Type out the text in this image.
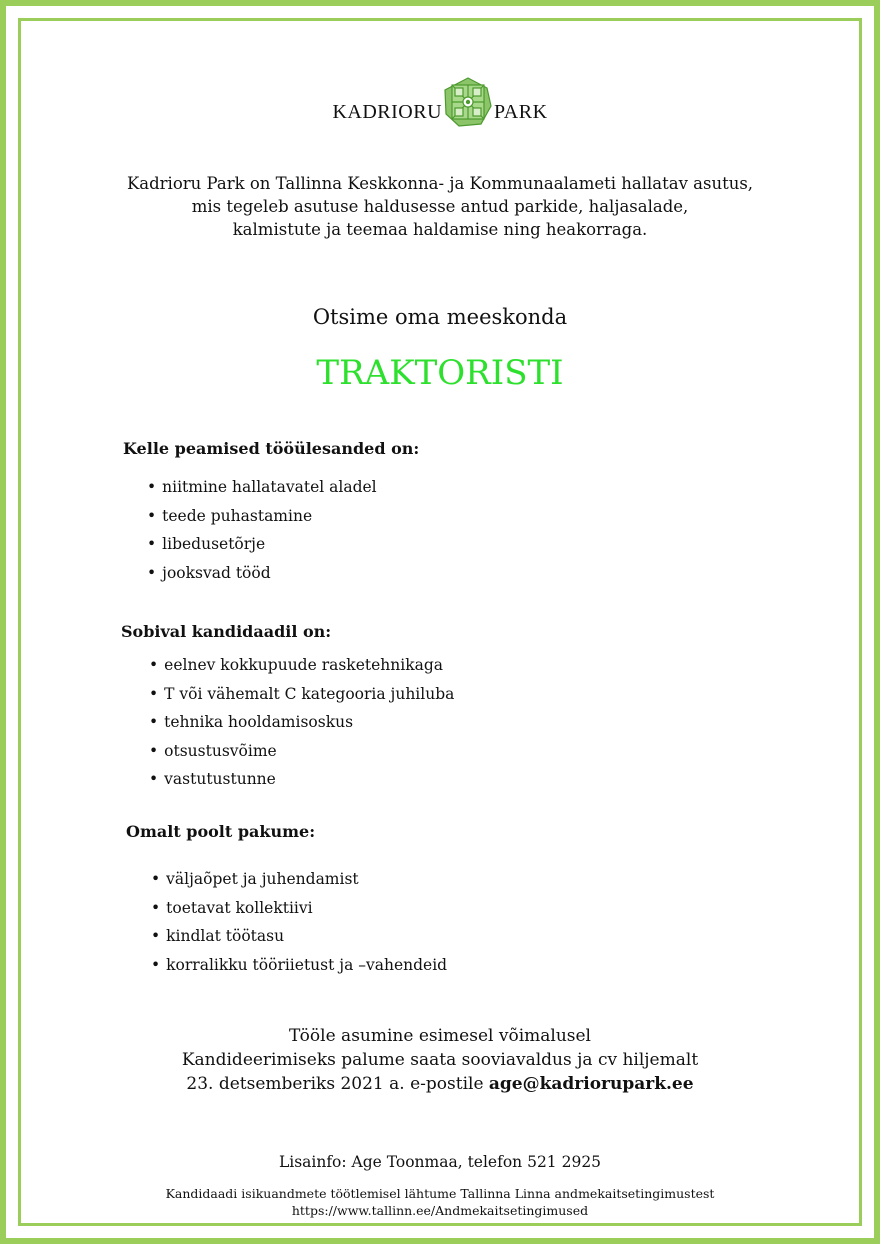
KADRIORU	PARK
Kadrioru Park on Tallinna Keskkonna- ja Kommunaalameti hallatav asutus,
mis tegeleb asutuse haldusesse antud parkide, haljasalade,
kalmistute ja teemaa haldamise ning heakorraga.
Otsime oma meeskonda
TRAKTORISTI
Kelle peamised tööülesanded on:
• niitmine hallatavatel aladel
• teede puhastamine
• libedusetõrje
• jooksvad tööd
Sobival kandidaadil on:
• eelnev kokkupuude rasketehnikaga
• T või vähemalt C kategooria juhiluba
• tehnika hooldamisoskus
• otsustusvõime
• vastutustunne
Omalt poolt pakume:
• väljaõpet ja juhendamist
• toetavat kollektiivi
• kindlat töötasu
• korralikku tööriietust ja –vahendeid
Tööle asumine esimesel võimalusel
Kandideerimiseks palume saata sooviavaldus ja cv hiljemalt
23. detsemberiks 2021 a. e-postile age@kadriorupark.ee
Lisainfo: Age Toonmaa, telefon 521 2925
Kandidaadi isikuandmete töötlemisel lähtume Tallinna Linna andmekaitsetingimustest
https://www.tallinn.ee/Andmekaitsetingimused
